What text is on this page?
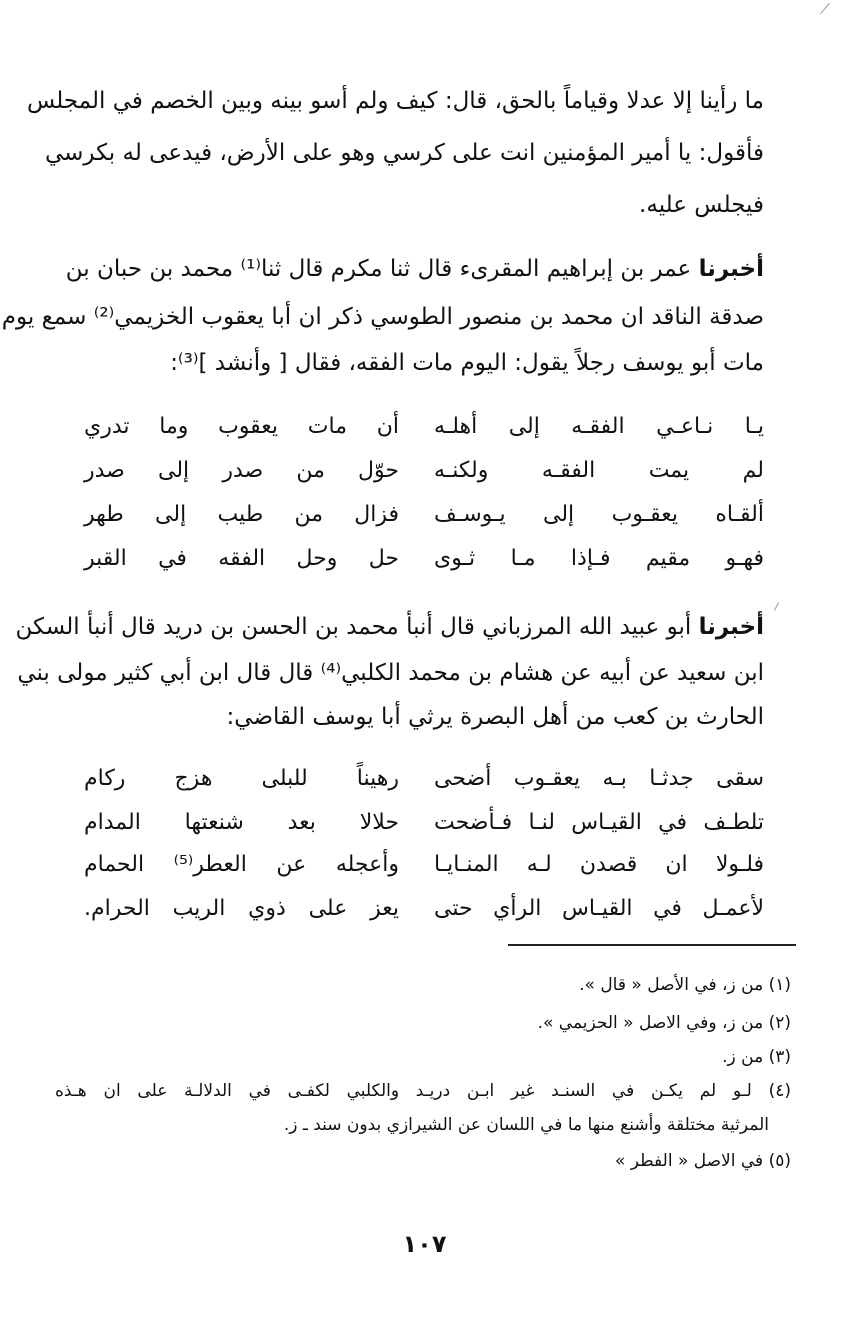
ما رأينا إلا عدلا وقياماً بالحق، قال: كيف ولم أسو بينه وبين الخصم في المجلس
فأقول: يا أمير المؤمنين انت على كرسي وهو على الأرض، فيدعى له بكرسي
فيجلس عليه.
أخبرنا عمر بن إبراهيم المقرىء قال ثنا مكرم قال ثنا⁽¹⁾ محمد بن حبان بن
صدقة الناقد ان محمد بن منصور الطوسي ذكر ان أبا يعقوب الخزيمي⁽²⁾ سمع يوم
مات أبو يوسف رجلاً يقول: اليوم مات الفقه، فقال [ وأنشد ]⁽³⁾:
يـا نـاعـي الفقـه إلى أهلـه
أن مات يعقوب وما تدري
لم يمت الفقـه ولكنـه
حوّل من صدر إلى صدر
ألقـاه يعقـوب إلى يـوسـف
فزال من طيب إلى طهر
فهـو مقيم فـإذا مـا ثـوى
حل وحل الفقه في القبر
أخبرنا أبو عبيد الله المرزباني قال أنبأ محمد بن الحسن بن دريد قال أنبأ السكن
ابن سعيد عن أبيه عن هشام بن محمد الكلبي⁽⁴⁾ قال قال ابن أبي كثير مولى بني
الحارث بن كعب من أهل البصرة يرثي أبا يوسف القاضي:
سقى جدثـا بـه يعقـوب أضحى
رهيناً للبلى هزج ركام
تلطـف في القيـاس لنـا فـأضحت
حلالا بعد شنعتها المدام
فلـولا ان قصدن لـه المنـايـا
وأعجله عن العطر⁽⁵⁾ الحمام
لأعمـل في القيـاس الرأي حتى
يعز على ذوي الريب الحرام.
(١) من ز، في الأصل « قال ».
(٢) من ز، وفي الاصل « الحزيمي ».
(٣) من ز.
(٤) لـو لم يكـن في السنـد غير ابـن دريـد والكلبي لكفـى في الدلالـة على ان هـذه
المرثية مختلقة وأشنع منها ما في اللسان عن الشيرازي بدون سند ـ ز.
(٥) في الاصل « الفطر »
١٠٧
